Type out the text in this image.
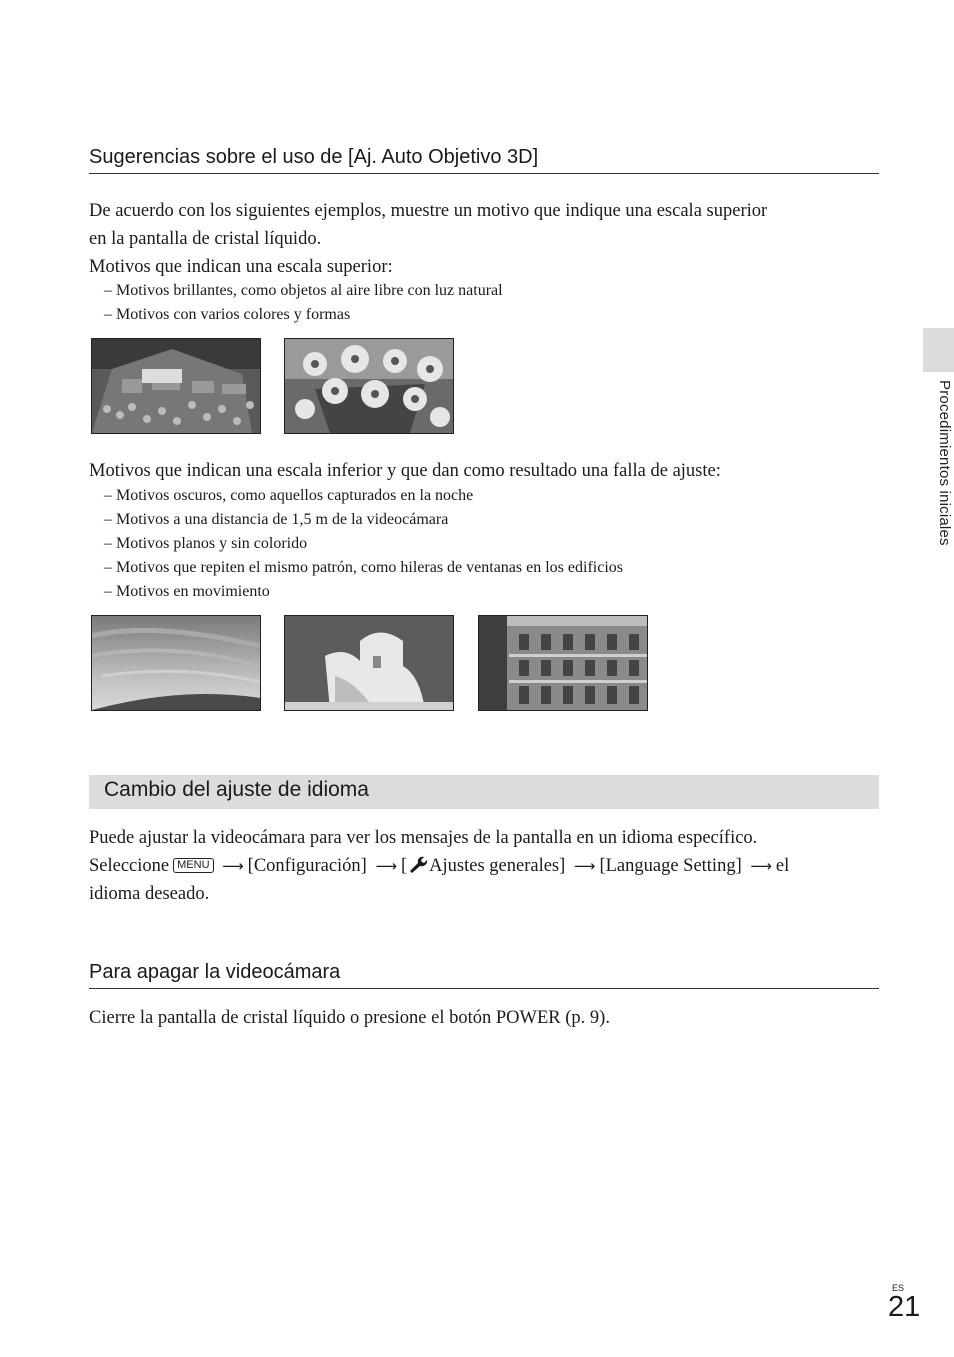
Procedimientos iniciales
Sugerencias sobre el uso de [Aj. Auto Objetivo 3D]

De acuerdo con los siguientes ejemplos, muestre un motivo que indique una escala superior

en la pantalla de cristal líquido.

Motivos que indican una escala superior:

– Motivos brillantes, como objetos al aire libre con luz natural
– Motivos con varios colores y formas

Motivos que indican una escala inferior y que dan como resultado una falla de ajuste:

– Motivos oscuros, como aquellos capturados en la noche
– Motivos a una distancia de 1,5 m de la videocámara
– Motivos planos y sin colorido
– Motivos que repiten el mismo patrón, como hileras de ventanas en los edificios
– Motivos en movimiento
Cambio del ajuste de idioma

Puede ajustar la videocámara para ver los mensajes de la pantalla en un idioma específico.

Seleccione MENU ⟶ [Configuración] ⟶ [ Ajustes generales] ⟶ [Language Setting] ⟶ el

idioma deseado.

Para apagar la videocámara

Cierre la pantalla de cristal líquido o presione el botón POWER (p. 9).

ES
21
